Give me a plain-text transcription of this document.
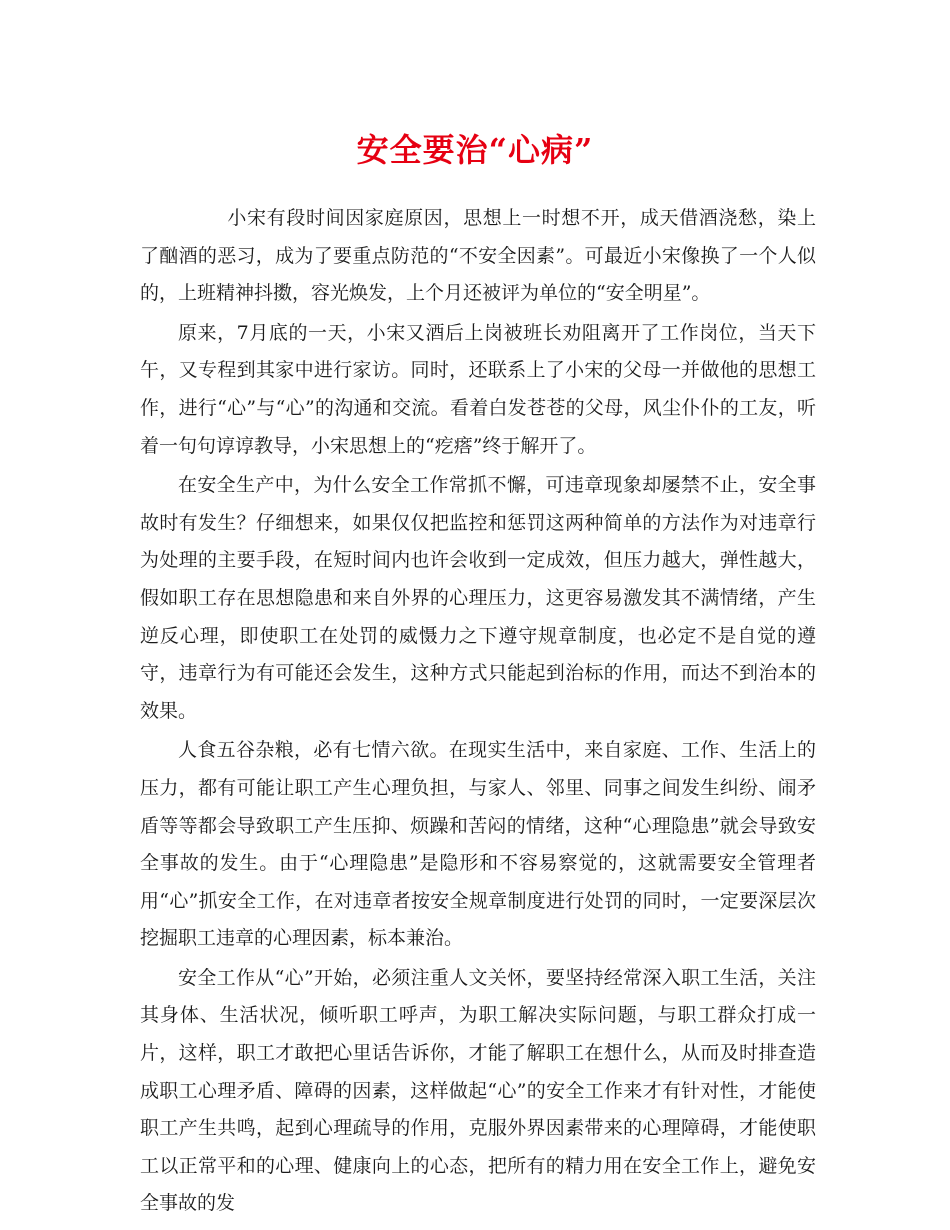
安全要治“心病”

小宋有段时间因家庭原因，思想上一时想不开，成天借酒浇愁，染上了酗酒的恶习，成为了要重点防范的“不安全因素”。可最近小宋像换了一个人似的，上班精神抖擞，容光焕发，上个月还被评为单位的“安全明星”。

原来，7月底的一天，小宋又酒后上岗被班长劝阻离开了工作岗位，当天下午，又专程到其家中进行家访。同时，还联系上了小宋的父母一并做他的思想工作，进行“心”与“心”的沟通和交流。看着白发苍苍的父母，风尘仆仆的工友，听着一句句谆谆教导，小宋思想上的“疙瘩”终于解开了。

在安全生产中，为什么安全工作常抓不懈，可违章现象却屡禁不止，安全事故时有发生？仔细想来，如果仅仅把监控和惩罚这两种简单的方法作为对违章行为处理的主要手段，在短时间内也许会收到一定成效，但压力越大，弹性越大，假如职工存在思想隐患和来自外界的心理压力，这更容易激发其不满情绪，产生逆反心理，即使职工在处罚的威慑力之下遵守规章制度，也必定不是自觉的遵守，违章行为有可能还会发生，这种方式只能起到治标的作用，而达不到治本的效果。

人食五谷杂粮，必有七情六欲。在现实生活中，来自家庭、工作、生活上的压力，都有可能让职工产生心理负担，与家人、邻里、同事之间发生纠纷、闹矛盾等等都会导致职工产生压抑、烦躁和苦闷的情绪，这种“心理隐患”就会导致安全事故的发生。由于“心理隐患”是隐形和不容易察觉的，这就需要安全管理者用“心”抓安全工作，在对违章者按安全规章制度进行处罚的同时，一定要深层次挖掘职工违章的心理因素，标本兼治。

安全工作从“心”开始，必须注重人文关怀，要坚持经常深入职工生活，关注其身体、生活状况，倾听职工呼声，为职工解决实际问题，与职工群众打成一片，这样，职工才敢把心里话告诉你，才能了解职工在想什么，从而及时排查造成职工心理矛盾、障碍的因素，这样做起“心”的安全工作来才有针对性，才能使职工产生共鸣，起到心理疏导的作用，克服外界因素带来的心理障碍，才能使职工以正常平和的心理、健康向上的心态，把所有的精力用在安全工作上，避免安全事故的发
